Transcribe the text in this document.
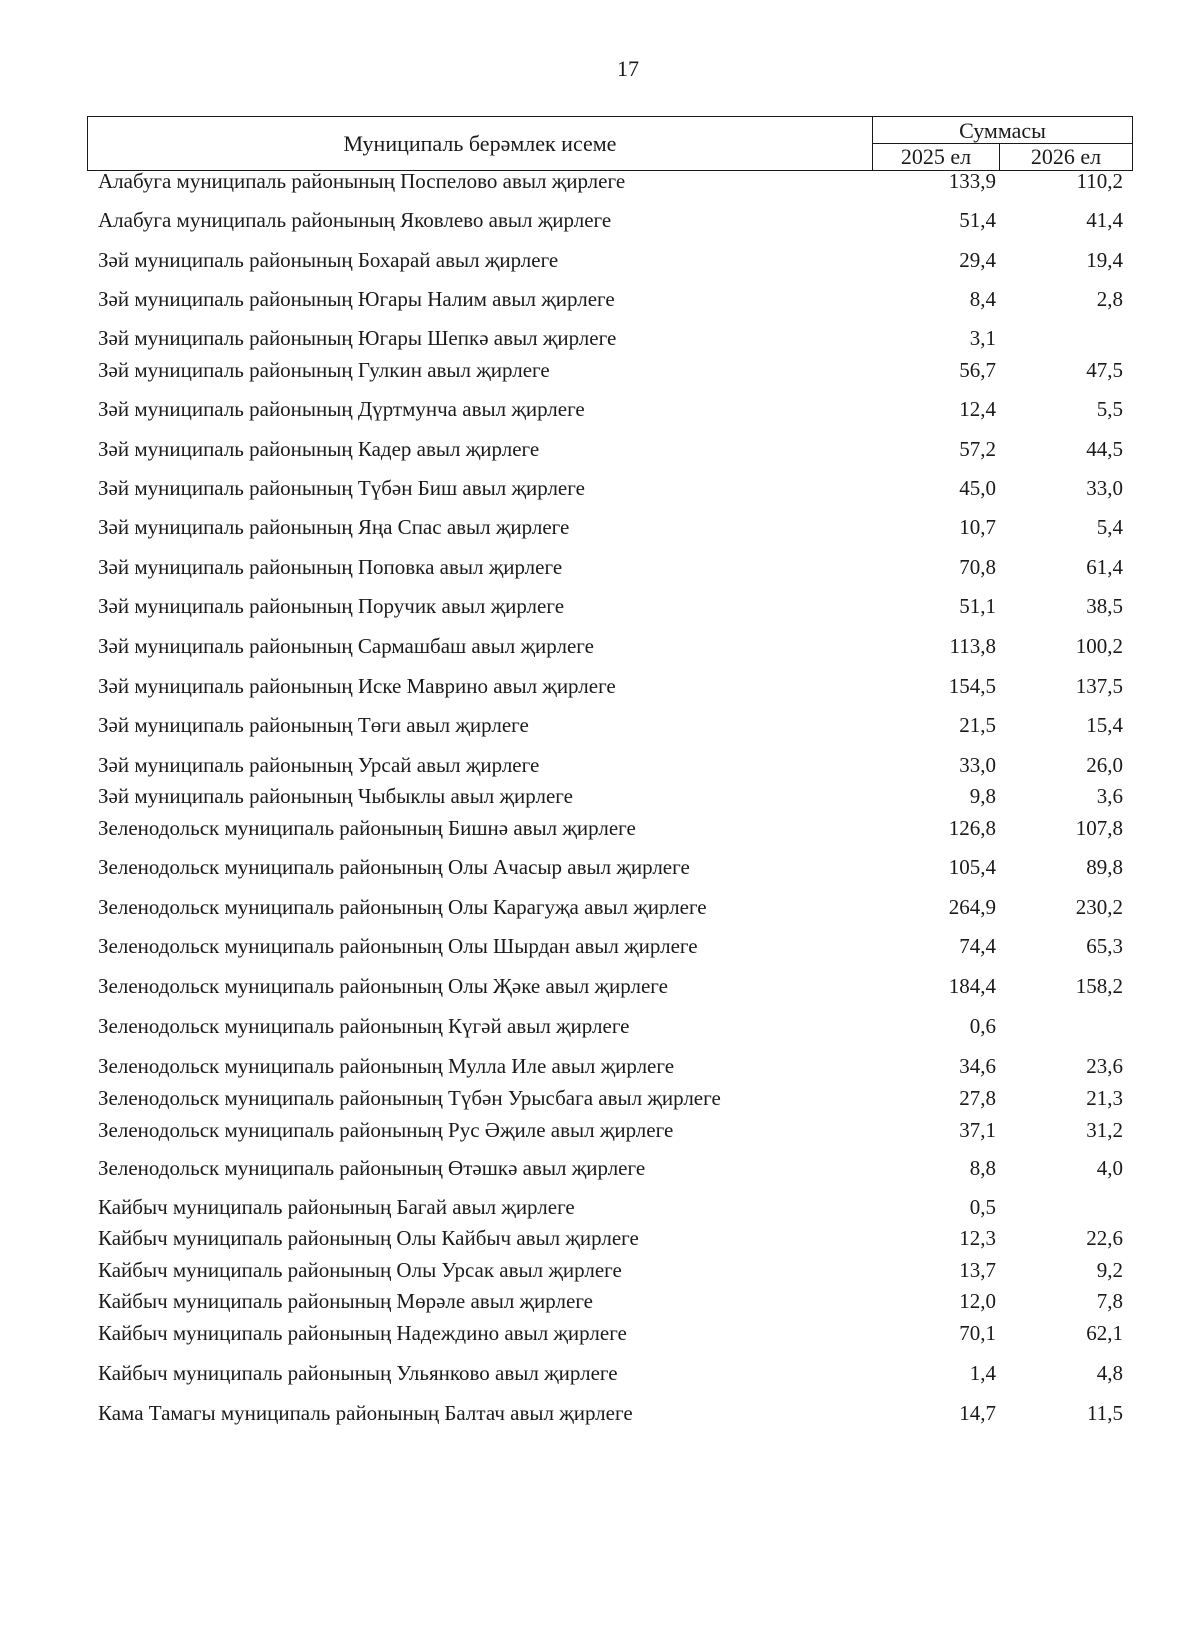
17
Муниципаль берәмлек исеме	Суммасы
2025 ел	2026 ел
Алабуга муниципаль районының Поспелово авыл җирлеге	133,9	110,2
Алабуга муниципаль районының Яковлево авыл җирлеге	51,4	41,4
Зәй муниципаль районының Бохарай авыл җирлеге	29,4	19,4
Зәй муниципаль районының Югары Налим авыл җирлеге	8,4	2,8
Зәй муниципаль районының Югары Шепкә авыл җирлеге	3,1
Зәй муниципаль районының Гулкин авыл җирлеге	56,7	47,5
Зәй муниципаль районының Дүртмунча авыл җирлеге	12,4	5,5
Зәй муниципаль районының Кадер авыл җирлеге	57,2	44,5
Зәй муниципаль районының Түбән Биш авыл җирлеге	45,0	33,0
Зәй муниципаль районының Яңа Спас авыл җирлеге	10,7	5,4
Зәй муниципаль районының Поповка авыл җирлеге	70,8	61,4
Зәй муниципаль районының Поручик авыл җирлеге	51,1	38,5
Зәй муниципаль районының Сармашбаш авыл җирлеге	113,8	100,2
Зәй муниципаль районының Иске Маврино авыл җирлеге	154,5	137,5
Зәй муниципаль районының Төги авыл җирлеге	21,5	15,4
Зәй муниципаль районының Урсай авыл җирлеге	33,0	26,0
Зәй муниципаль районының Чыбыклы авыл җирлеге	9,8	3,6
Зеленодольск муниципаль районының Бишнә авыл җирлеге	126,8	107,8
Зеленодольск муниципаль районының Олы Ачасыр авыл җирлеге	105,4	89,8
Зеленодольск муниципаль районының Олы Карагуҗа авыл җирлеге	264,9	230,2
Зеленодольск муниципаль районының Олы Шырдан авыл җирлеге	74,4	65,3
Зеленодольск муниципаль районының Олы Җәке авыл җирлеге	184,4	158,2
Зеленодольск муниципаль районының Күгәй авыл җирлеге	0,6
Зеленодольск муниципаль районының Мулла Иле авыл җирлеге	34,6	23,6
Зеленодольск муниципаль районының Түбән Урысбага авыл җирлеге	27,8	21,3
Зеленодольск муниципаль районының Рус Әҗиле авыл җирлеге	37,1	31,2
Зеленодольск муниципаль районының Өтәшкә авыл җирлеге	8,8	4,0
Кайбыч муниципаль районының Багай авыл җирлеге	0,5
Кайбыч муниципаль районының Олы Кайбыч авыл җирлеге	12,3	22,6
Кайбыч муниципаль районының Олы Урсак авыл җирлеге	13,7	9,2
Кайбыч муниципаль районының Мөрәле авыл җирлеге	12,0	7,8
Кайбыч муниципаль районының Надеждино авыл җирлеге	70,1	62,1
Кайбыч муниципаль районының Ульянково авыл җирлеге	1,4	4,8
Кама Тамагы муниципаль районының Балтач авыл җирлеге	14,7	11,5
